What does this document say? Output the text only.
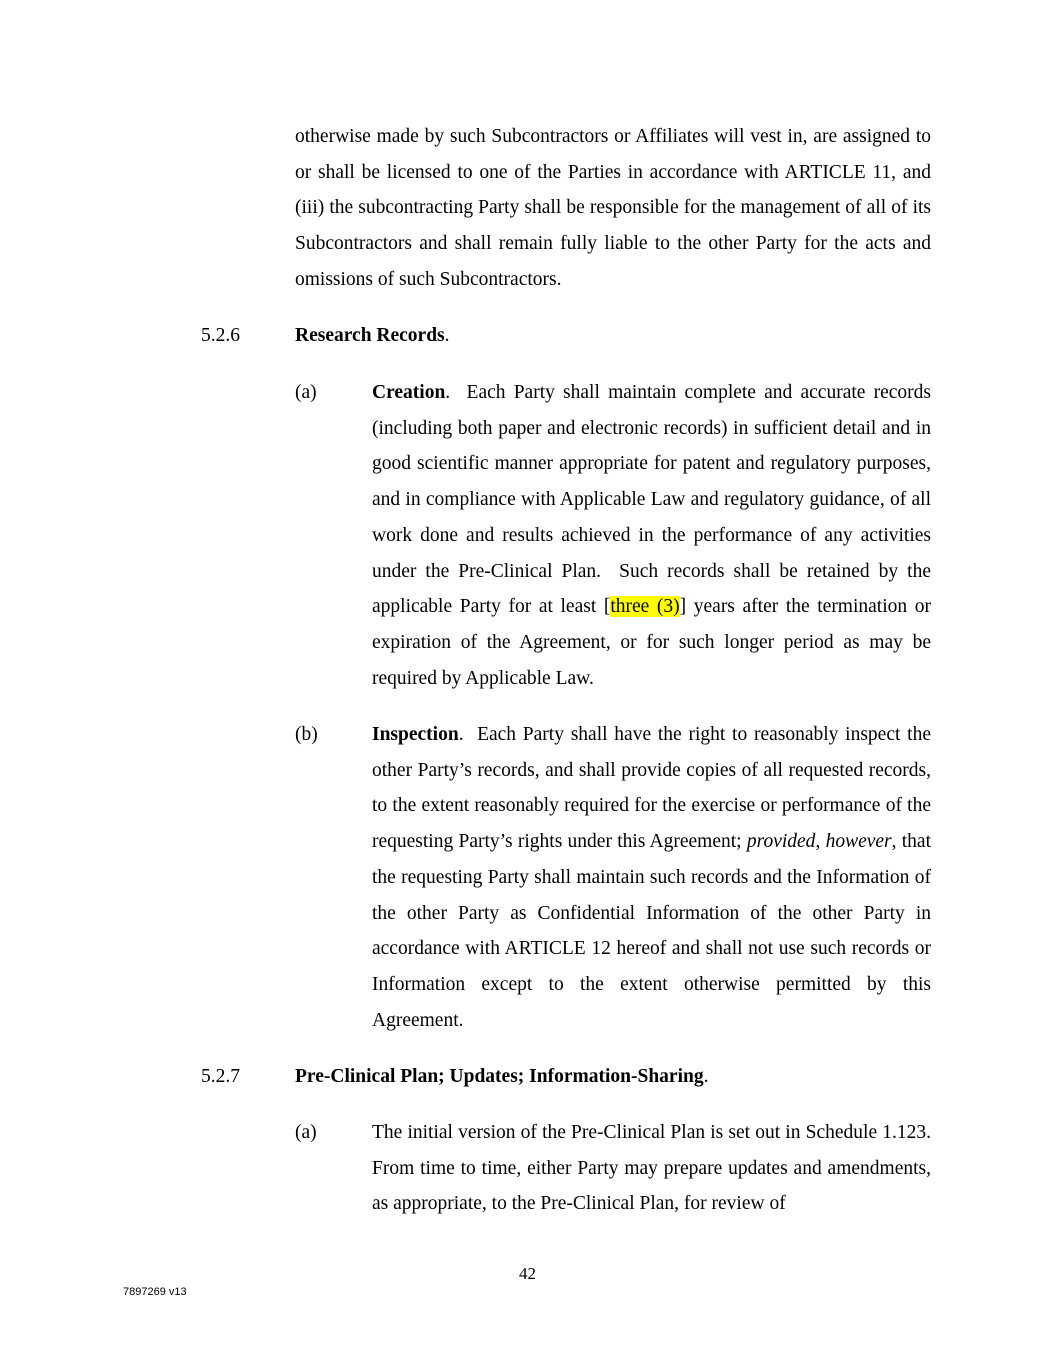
otherwise made by such Subcontractors or Affiliates will vest in, are assigned to or shall be licensed to one of the Parties in accordance with ARTICLE 11, and (iii) the subcontracting Party shall be responsible for the management of all of its Subcontractors and shall remain fully liable to the other Party for the acts and omissions of such Subcontractors.
5.2.6	Research Records.
(a)	Creation.  Each Party shall maintain complete and accurate records (including both paper and electronic records) in sufficient detail and in good scientific manner appropriate for patent and regulatory purposes, and in compliance with Applicable Law and regulatory guidance, of all work done and results achieved in the performance of any activities under the Pre-Clinical Plan.  Such records shall be retained by the applicable Party for at least [three (3)] years after the termination or expiration of the Agreement, or for such longer period as may be required by Applicable Law.
(b)	Inspection.  Each Party shall have the right to reasonably inspect the other Party’s records, and shall provide copies of all requested records, to the extent reasonably required for the exercise or performance of the requesting Party’s rights under this Agreement; provided, however, that the requesting Party shall maintain such records and the Information of the other Party as Confidential Information of the other Party in accordance with ARTICLE 12 hereof and shall not use such records or Information except to the extent otherwise permitted by this Agreement.
5.2.7	Pre-Clinical Plan; Updates; Information-Sharing.
(a)	The initial version of the Pre-Clinical Plan is set out in Schedule 1.123. From time to time, either Party may prepare updates and amendments, as appropriate, to the Pre-Clinical Plan, for review of
42
7897269 v13
